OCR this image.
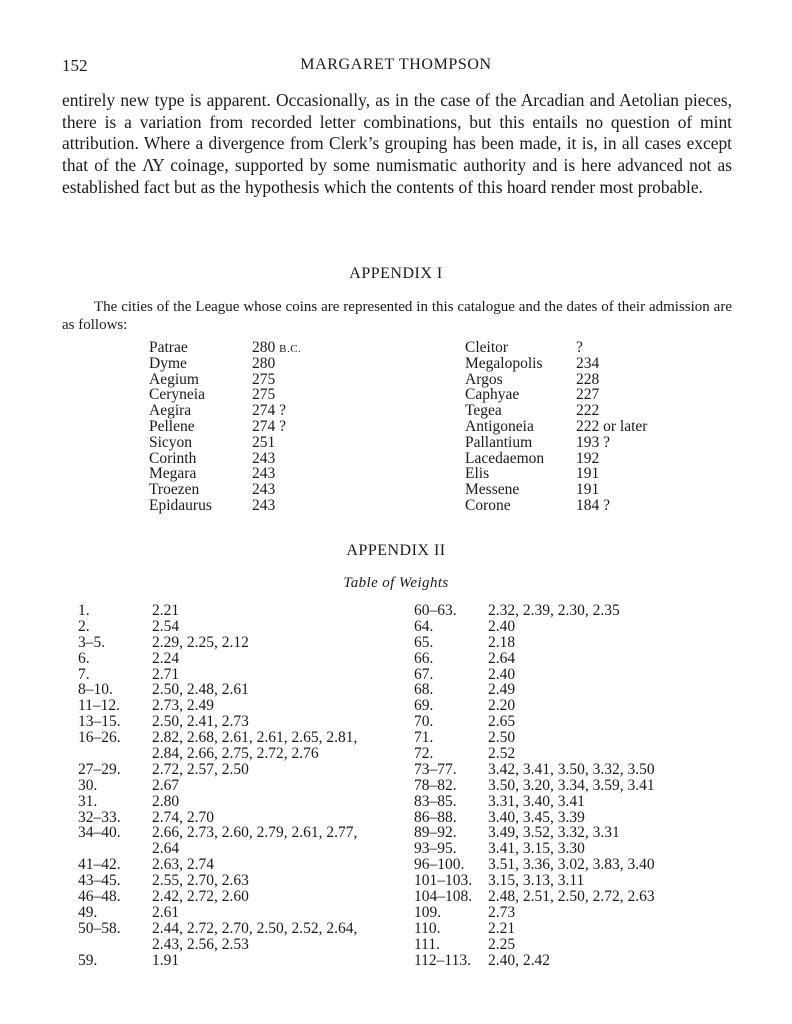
152	MARGARET THOMPSON

entirely new type is apparent. Occasionally, as in the case of the Arcadian and Aetolian pieces, there is a variation from recorded letter combinations, but this entails no question of mint attribution. Where a divergence from Clerk’s grouping has been made, it is, in all cases except that of the ΛΥ coinage, supported by some numismatic authority and is here advanced not as established fact but as the hypothesis which the contents of this hoard render most probable.

APPENDIX I
The cities of the League whose coins are represented in this catalogue and the dates of their admission are as follows:
Patrae	280 B.C.
Dyme	280
Aegium	275
Ceryneia	275
Aegira	274 ?
Pellene	274 ?
Sicyon	251
Corinth	243
Megara	243
Troezen	243
Epidaurus	243
Cleitor	?
Megalopolis 234
Argos	228
Caphyae	227
Tegea	222
Antigoneia	222 or later
Pallantium	193 ?
Lacedaemon 192
Elis	191
Messene	191
Corone	184 ?
APPENDIX II
Table of Weights
1.	2.21
2.	2.54
3–5.	2.29, 2.25, 2.12
6.	2.24
7.	2.71
8–10.	2.50, 2.48, 2.61
11–12. 2.73, 2.49
13–15. 2.50, 2.41, 2.73
16–26. 2.82, 2.68, 2.61, 2.61, 2.65, 2.81,
2.84, 2.66, 2.75, 2.72, 2.76
27–29. 2.72, 2.57, 2.50
30.	2.67
31.	2.80
32–33. 2.74, 2.70
34–40. 2.66, 2.73, 2.60, 2.79, 2.61, 2.77,
2.64
41–42. 2.63, 2.74
43–45. 2.55, 2.70, 2.63
46–48. 2.42, 2.72, 2.60
49.	2.61
50–58. 2.44, 2.72, 2.70, 2.50, 2.52, 2.64,
2.43, 2.56, 2.53
59.	1.91
60–63. 2.32, 2.39, 2.30, 2.35
64.	2.40
65.	2.18
66.	2.64
67.	2.40
68.	2.49
69.	2.20
70.	2.65
71.	2.50
72.	2.52
73–77. 3.42, 3.41, 3.50, 3.32, 3.50
78–82. 3.50, 3.20, 3.34, 3.59, 3.41
83–85. 3.31, 3.40, 3.41
86–88. 3.40, 3.45, 3.39
89–92. 3.49, 3.52, 3.32, 3.31
93–95. 3.41, 3.15, 3.30
96–100. 3.51, 3.36, 3.02, 3.83, 3.40
101–103. 3.15, 3.13, 3.11
104–108. 2.48, 2.51, 2.50, 2.72, 2.63
109.	2.73
110.	2.21
111.	2.25
112–113. 2.40, 2.42
